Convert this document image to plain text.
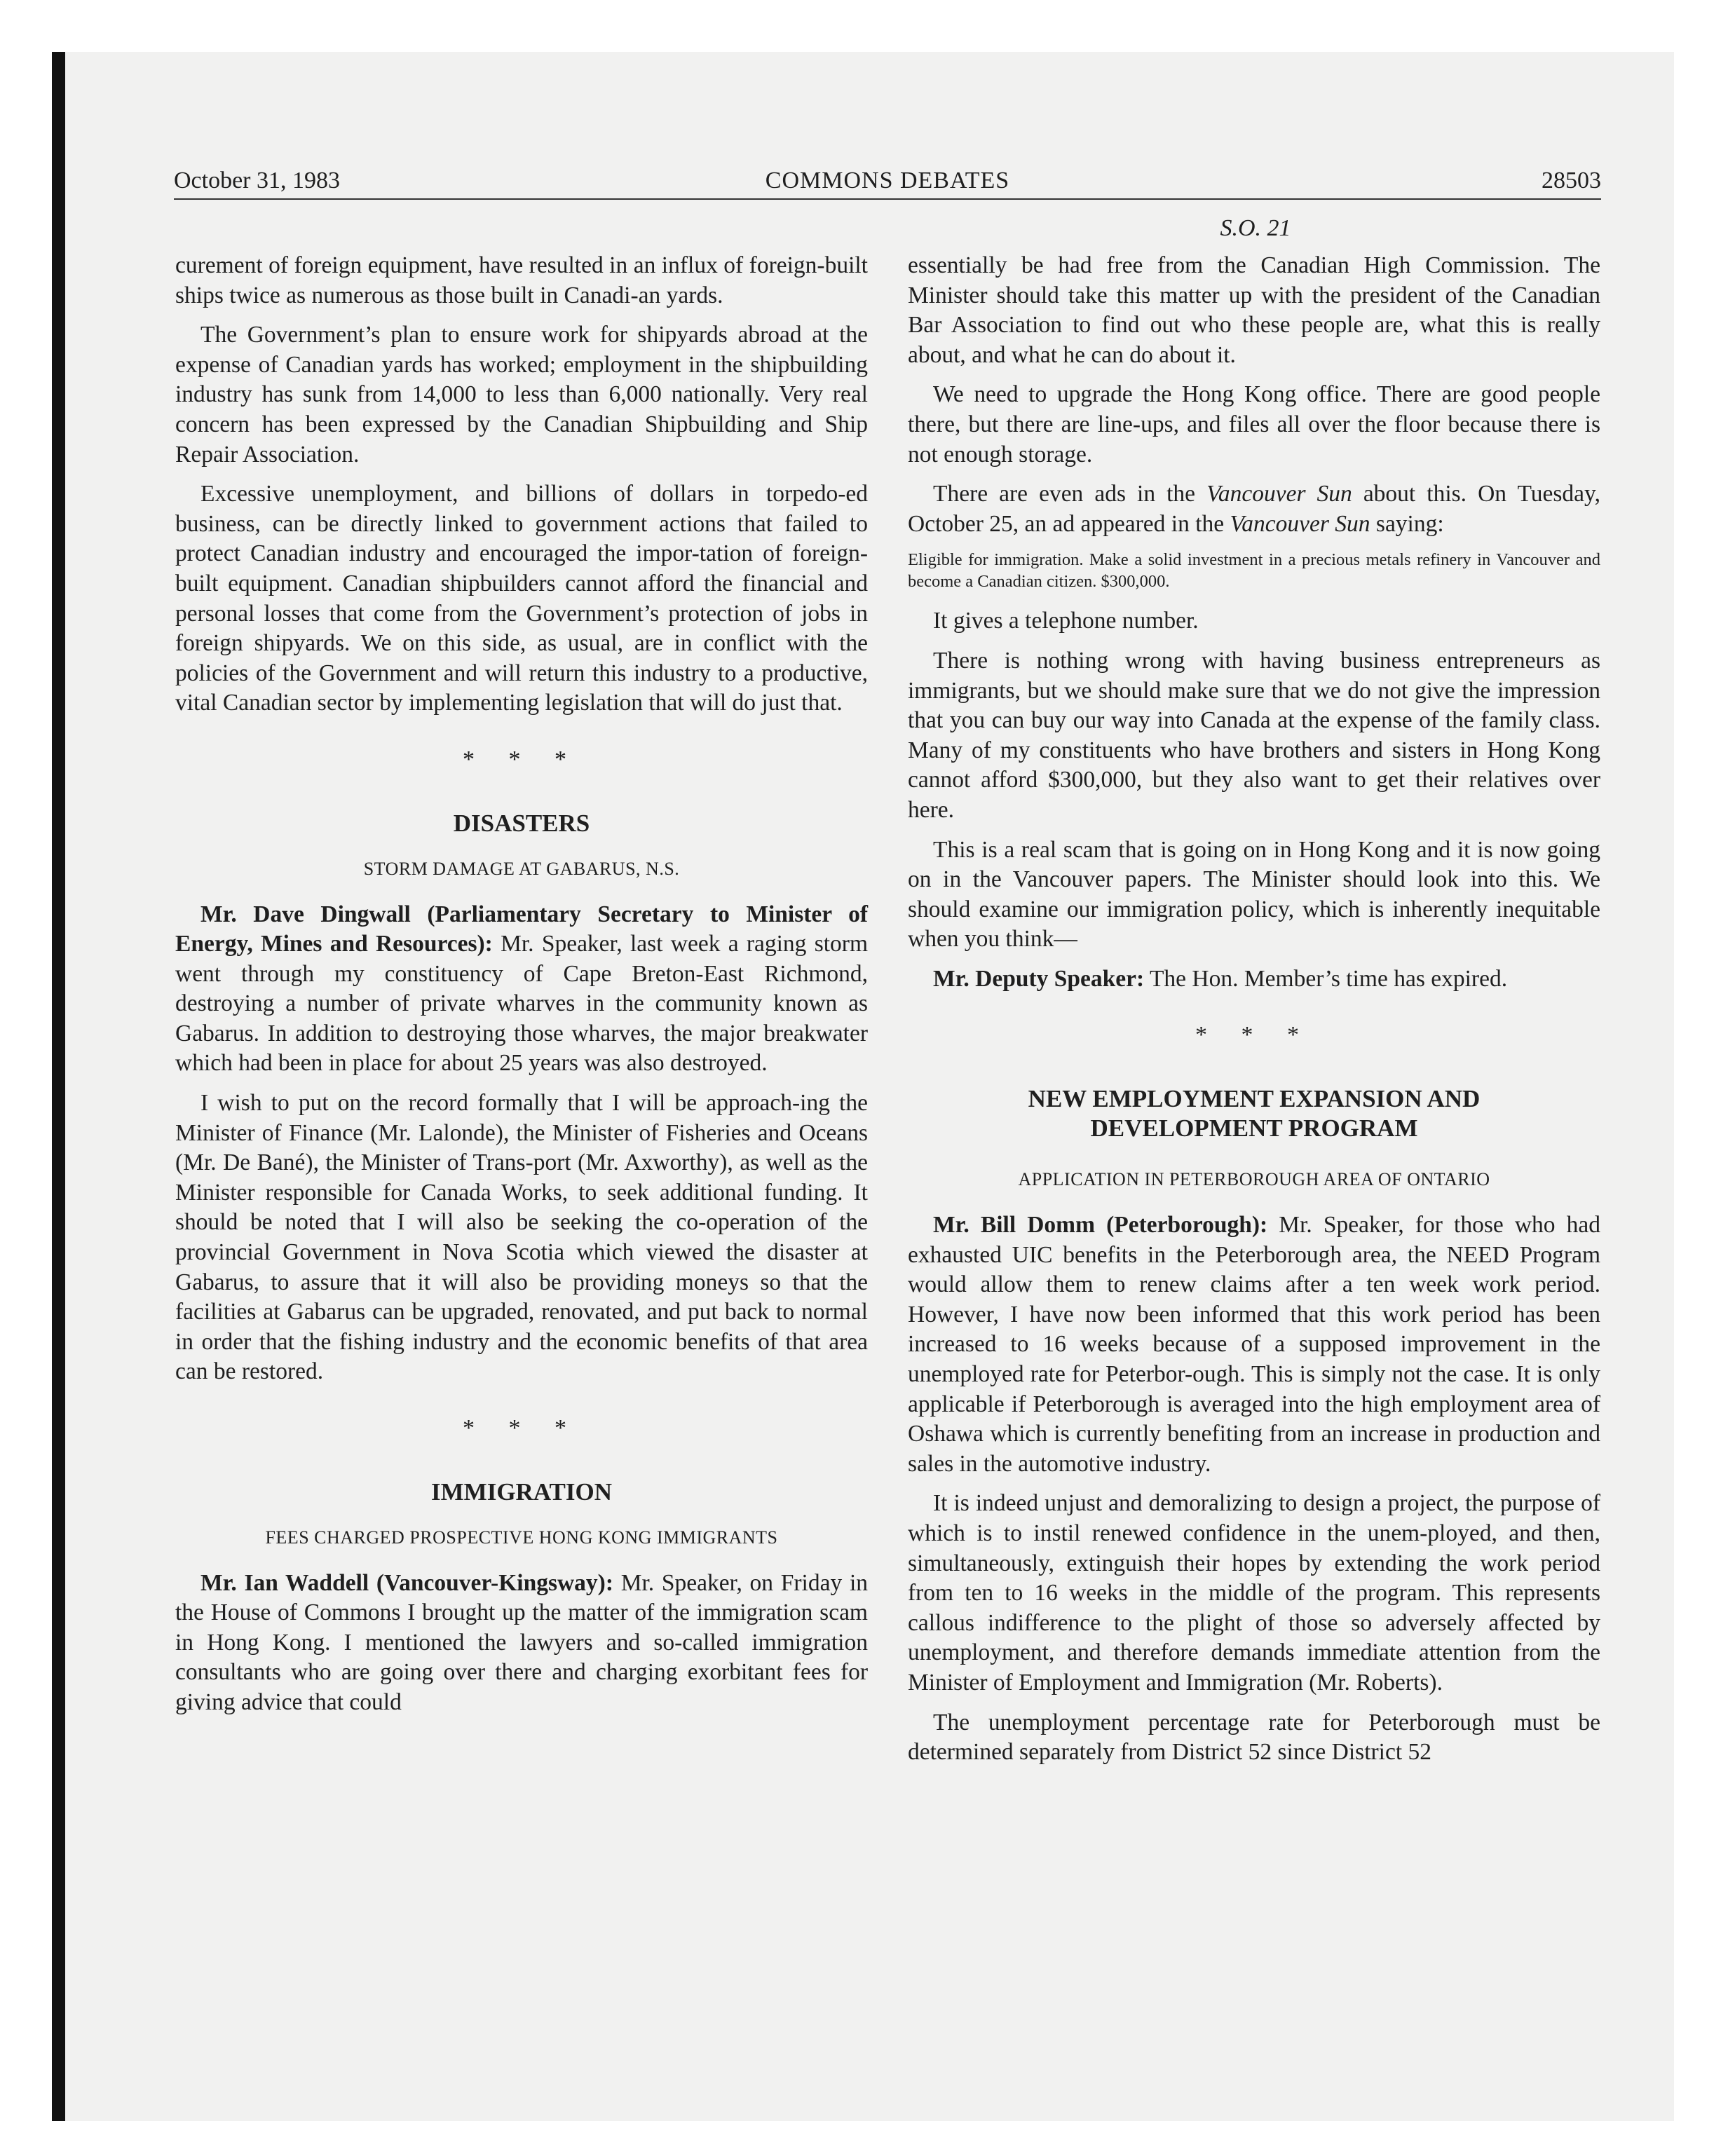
October 31, 1983	COMMONS DEBATES	28503
S.O. 21

curement of foreign equipment, have resulted in an influx of foreign-built ships twice as numerous as those built in Canadi-an yards.

The Government’s plan to ensure work for shipyards abroad at the expense of Canadian yards has worked; employment in the shipbuilding industry has sunk from 14,000 to less than 6,000 nationally. Very real concern has been expressed by the Canadian Shipbuilding and Ship Repair Association.

Excessive unemployment, and billions of dollars in torpedo-ed business, can be directly linked to government actions that failed to protect Canadian industry and encouraged the impor-tation of foreign-built equipment. Canadian shipbuilders cannot afford the financial and personal losses that come from the Government’s protection of jobs in foreign shipyards. We on this side, as usual, are in conflict with the policies of the Government and will return this industry to a productive, vital Canadian sector by implementing legislation that will do just that.

* * *
DISASTERS
STORM DAMAGE AT GABARUS, N.S.

Mr. Dave Dingwall (Parliamentary Secretary to Minister of Energy, Mines and Resources): Mr. Speaker, last week a raging storm went through my constituency of Cape Breton-East Richmond, destroying a number of private wharves in the community known as Gabarus. In addition to destroying those wharves, the major breakwater which had been in place for about 25 years was also destroyed.

I wish to put on the record formally that I will be approach-ing the Minister of Finance (Mr. Lalonde), the Minister of Fisheries and Oceans (Mr. De Bané), the Minister of Trans-port (Mr. Axworthy), as well as the Minister responsible for Canada Works, to seek additional funding. It should be noted that I will also be seeking the co-operation of the provincial Government in Nova Scotia which viewed the disaster at Gabarus, to assure that it will also be providing moneys so that the facilities at Gabarus can be upgraded, renovated, and put back to normal in order that the fishing industry and the economic benefits of that area can be restored.

* * *
IMMIGRATION
FEES CHARGED PROSPECTIVE HONG KONG IMMIGRANTS

Mr. Ian Waddell (Vancouver-Kingsway): Mr. Speaker, on Friday in the House of Commons I brought up the matter of the immigration scam in Hong Kong. I mentioned the lawyers and so-called immigration consultants who are going over there and charging exorbitant fees for giving advice that could

essentially be had free from the Canadian High Commission. The Minister should take this matter up with the president of the Canadian Bar Association to find out who these people are, what this is really about, and what he can do about it.

We need to upgrade the Hong Kong office. There are good people there, but there are line-ups, and files all over the floor because there is not enough storage.

There are even ads in the Vancouver Sun about this. On Tuesday, October 25, an ad appeared in the Vancouver Sun saying:

Eligible for immigration. Make a solid investment in a precious metals refinery in Vancouver and become a Canadian citizen. $300,000.

It gives a telephone number.

There is nothing wrong with having business entrepreneurs as immigrants, but we should make sure that we do not give the impression that you can buy our way into Canada at the expense of the family class. Many of my constituents who have brothers and sisters in Hong Kong cannot afford $300,000, but they also want to get their relatives over here.

This is a real scam that is going on in Hong Kong and it is now going on in the Vancouver papers. The Minister should look into this. We should examine our immigration policy, which is inherently inequitable when you think—

Mr. Deputy Speaker: The Hon. Member’s time has expired.

* * *
NEW EMPLOYMENT EXPANSION AND
DEVELOPMENT PROGRAM
APPLICATION IN PETERBOROUGH AREA OF ONTARIO

Mr. Bill Domm (Peterborough): Mr. Speaker, for those who had exhausted UIC benefits in the Peterborough area, the NEED Program would allow them to renew claims after a ten week work period. However, I have now been informed that this work period has been increased to 16 weeks because of a supposed improvement in the unemployed rate for Peterbor-ough. This is simply not the case. It is only applicable if Peterborough is averaged into the high employment area of Oshawa which is currently benefiting from an increase in production and sales in the automotive industry.

It is indeed unjust and demoralizing to design a project, the purpose of which is to instil renewed confidence in the unem-ployed, and then, simultaneously, extinguish their hopes by extending the work period from ten to 16 weeks in the middle of the program. This represents callous indifference to the plight of those so adversely affected by unemployment, and therefore demands immediate attention from the Minister of Employment and Immigration (Mr. Roberts).

The unemployment percentage rate for Peterborough must be determined separately from District 52 since District 52
